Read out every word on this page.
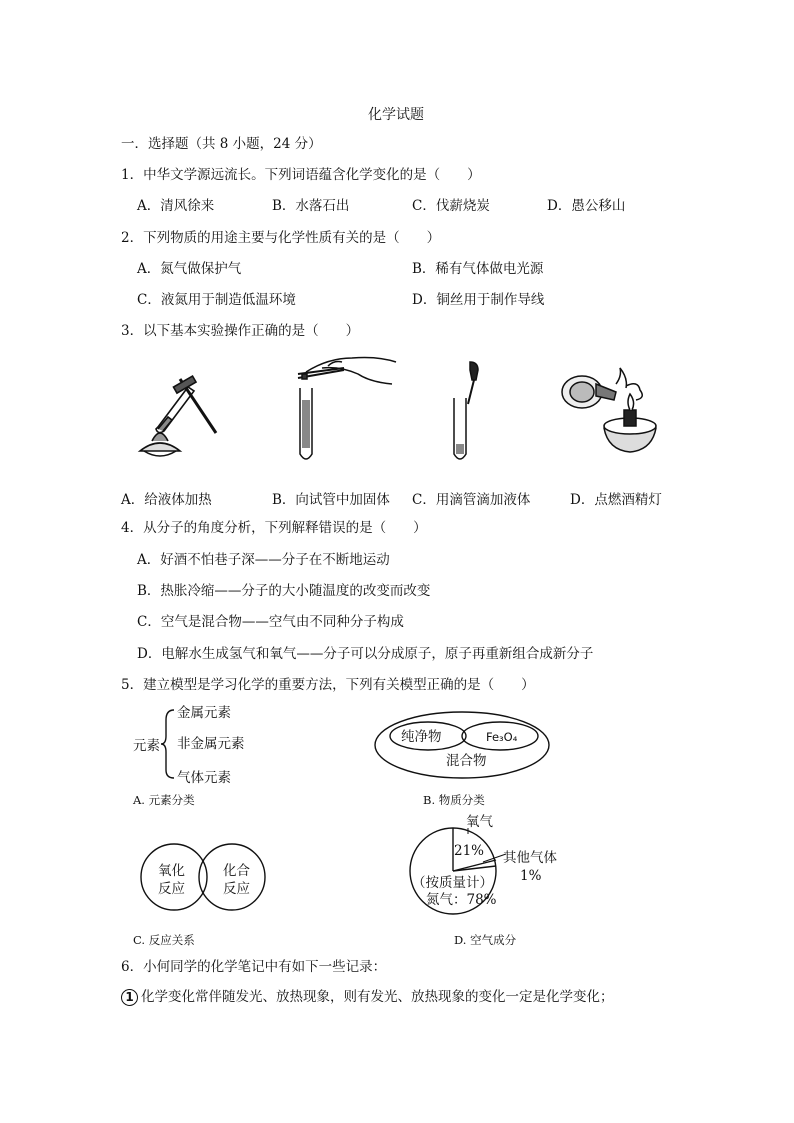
化学试题
一．选择题（共 8 小题，24 分）
1．中华文学源远流长。下列词语蕴含化学变化的是（　　）
A．清风徐来	B．水落石出	C．伐薪烧炭	D．愚公移山
2．下列物质的用途主要与化学性质有关的是（　　）
A．氮气做保护气	B．稀有气体做电光源
C．液氮用于制造低温环境	D．铜丝用于制作导线
3．以下基本实验操作正确的是（　　）
A．给液体加热	B．向试管中加固体 C．用滴管滴加液体	D．点燃酒精灯
4．从分子的角度分析，下列解释错误的是（　　）
A．好酒不怕巷子深——分子在不断地运动
B．热胀冷缩——分子的大小随温度的改变而改变
C．空气是混合物——空气由不同种分子构成
D．电解水生成氢气和氧气——分子可以分成原子，原子再重新组合成新分子
5．建立模型是学习化学的重要方法，下列有关模型正确的是（　　）
元素
金属元素
非金属元素
气体元素
A. 元素分类
纯净物	Fe₃O₄
混合物
B. 物质分类
氧化
反应
化合
反应
C. 反应关系
氧气
21% 其他气体
1%
（按质量计）
氮气：78%
D. 空气成分
6．小何同学的化学笔记中有如下一些记录：
1 化学变化常伴随发光、放热现象，则有发光、放热现象的变化一定是化学变化；
